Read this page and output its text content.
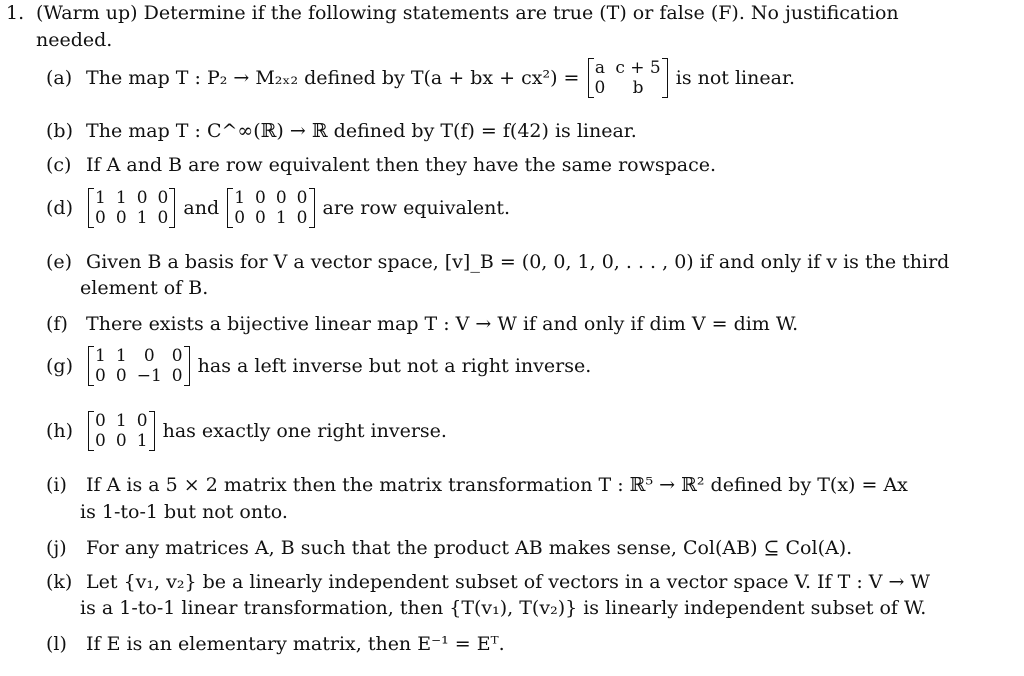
1. (Warm up) Determine if the following statements are true (T) or false (F). No justification
needed.
(a) The map T : P₂ → M₂ₓ₂ defined by T(a + bx + cx²) = a	c + 5
0	b is not linear.
(b) The map T : C^∞(ℝ) → ℝ defined by T(f) = f(42) is linear.
(c) If A and B are row equivalent then they have the same rowspace.
(d) 1	1	0	0
0	0	1	0 and 1	0	0	0
0	0	1	0 are row equivalent.
(e) Given B a basis for V a vector space, [v]_B = (0, 0, 1, 0, . . . , 0) if and only if v is the third
element of B.
(f) There exists a bijective linear map T : V → W if and only if dim V = dim W.
(g) 1	1	0	0
0	0	−1	0 has a left inverse but not a right inverse.
(h) 0	1	0
0	0	1 has exactly one right inverse.
(i) If A is a 5 × 2 matrix then the matrix transformation T : ℝ⁵ → ℝ² defined by T(x) = Ax
is 1-to-1 but not onto.
(j) For any matrices A, B such that the product AB makes sense, Col(AB) ⊆ Col(A).
(k) Let {v₁, v₂} be a linearly independent subset of vectors in a vector space V. If T : V → W
is a 1-to-1 linear transformation, then {T(v₁), T(v₂)} is linearly independent subset of W.
(l) If E is an elementary matrix, then E⁻¹ = Eᵀ.
